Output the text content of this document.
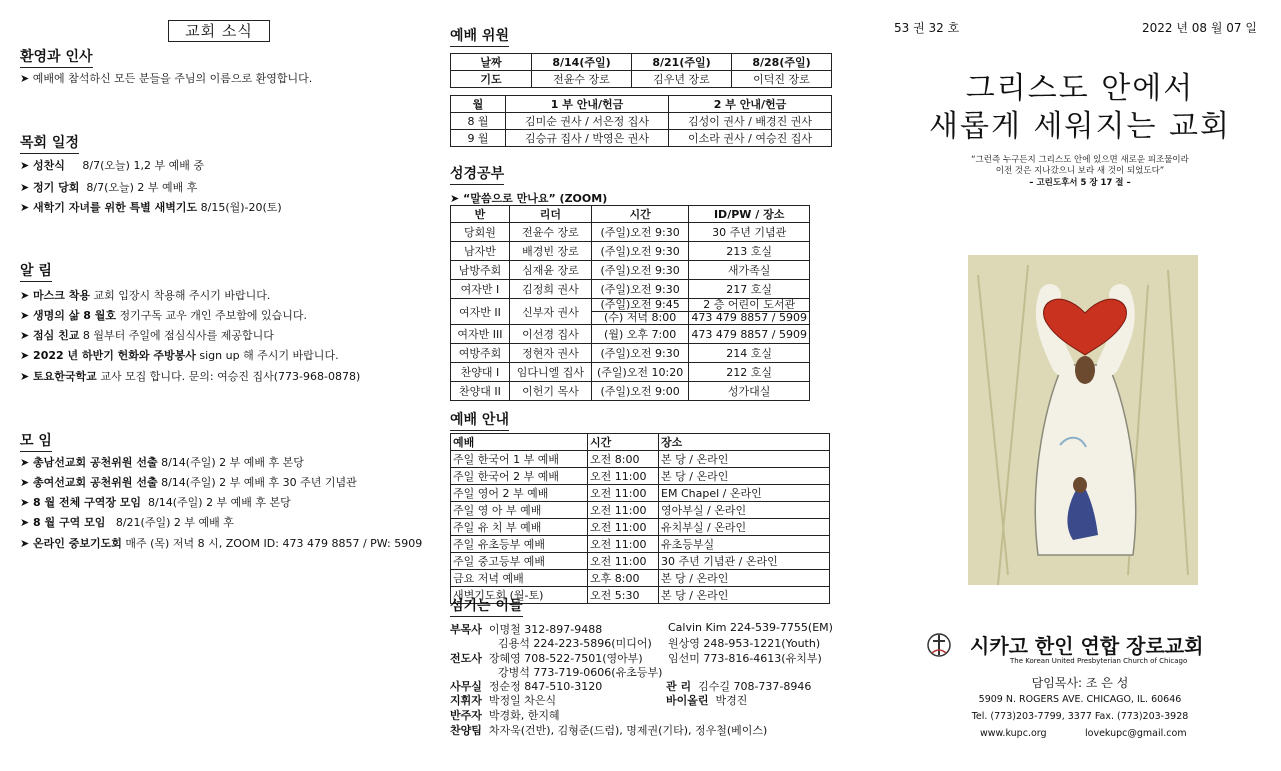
교회 소식
환영과 인사
➤ 예배에 참석하신 모든 분들을 주님의 이름으로 환영합니다.
목회 일정
➤ 성찬식 8/7(오늘) 1,2 부 예배 중
➤ 정기 당회 8/7(오늘) 2 부 예배 후
➤ 새학기 자녀를 위한 특별 새벽기도 8/15(월)-20(토)
알 림
➤ 마스크 착용 교회 입장시 착용해 주시기 바랍니다.
➤ 생명의 삶 8 월호 정기구독 교우 개인 주보함에 있습니다.
➤ 점심 친교 8 월부터 주일에 점심식사를 제공합니다
➤ 2022 년 하반기 헌화와 주방봉사 sign up 해 주시기 바랍니다.
➤ 토요한국학교 교사 모집 합니다. 문의: 여승진 집사(773-968-0878)
모 임
➤ 총남선교회 공천위원 선출 8/14(주일) 2 부 예배 후 본당
➤ 총여선교회 공천위원 선출 8/14(주일) 2 부 예배 후 30 주년 기념관
➤ 8 월 전체 구역장 모임 8/14(주일) 2 부 예배 후 본당
➤ 8 월 구역 모임 8/21(주일) 2 부 예배 후
➤ 온라인 중보기도회 매주 (목) 저녁 8 시, ZOOM ID: 473 479 8857 / PW: 5909
예배 위원
날짜	8/14(주일)	8/21(주일)	8/28(주일)
기도	전윤수 장로	김우년 장로	이덕진 장로
월	1 부 안내/헌금	2 부 안내/헌금
8 월	김미순 권사 / 서은정 집사	김성이 권사 / 배경진 권사
9 월	김승규 집사 / 박영은 권사	이소라 권사 / 여승진 집사
성경공부
➤ “말씀으로 만나요” (ZOOM)
반	리더	시간	ID/PW / 장소
당회원	전윤수 장로	(주일)오전 9:30	30 주년 기념관
남자반	배경빈 장로	(주일)오전 9:30	213 호실
남방주회	심재윤 장로	(주일)오전 9:30	새가족실
여자반 I	김정희 권사	(주일)오전 9:30	217 호실
여자반 II	신부자 권사	(주일)오전 9:45	2 층 어린이 도서관
		(수) 저녁 8:00	473 479 8857 / 5909
여자반 III	이선경 집사	(월) 오후 7:00	473 479 8857 / 5909
여방주회	정현자 권사	(주일)오전 9:30	214 호실
찬양대 I	임다니엘 집사	(주일)오전 10:20	212 호실
찬양대 II	이헌기 목사	(주일)오전 9:00	성가대실
예배 안내
예배	시간	장소
주일 한국어 1 부 예배	오전 8:00	본 당 / 온라인
주일 한국어 2 부 예배	오전 11:00	본 당 / 온라인
주일 영어 2 부 예배	오전 11:00	EM Chapel / 온라인
주일 영 아 부 예배	오전 11:00	영아부실 / 온라인
주일 유 치 부 예배	오전 11:00	유치부실 / 온라인
주일 유초등부 예배	오전 11:00	유초등부실
주일 중고등부 예배	오전 11:00	30 주년 기념관 / 온라인
금요 저녁 예배	오후 8:00	본 당 / 온라인
새벽기도회 (월-토)	오전 5:30	본 당 / 온라인
섬기는 이들
부목사 이명철 312-897-9488	Calvin Kim 224-539-7755(EM)
김용석 224-223-5896(미디어) 원상영 248-953-1221(Youth)
전도사 장혜영 708-522-7501(영아부) 임선미 773-816-4613(유치부)
강병석 773-719-0606(유초등부)
사무실 정순정 847-510-3120	관 리 김수길 708-737-8946
지휘자 박정일 차은식	바이올린 박경진
반주자 박경화, 한지혜
찬양팀 차자욱(건반), 김형준(드럼), 명제권(기타), 정우철(베이스)
53 권 32 호	2022 년 08 월 07 일
그리스도 안에서
새롭게 세워지는 교회
“그런즉 누구든지 그리스도 안에 있으면 새로운 피조물이라
이전 것은 지나갔으니 보라 새 것이 되었도다”
– 고린도후서 5 장 17 절 –
시카고 한인 연합 장로교회
The Korean United Presbyterian Church of Chicago
담임목사: 조 은 성
5909 N. ROGERS AVE. CHICAGO, IL. 60646
Tel. (773)203-7799, 3377 Fax. (773)203-3928
www.kupc.org	lovekupc@gmail.com
